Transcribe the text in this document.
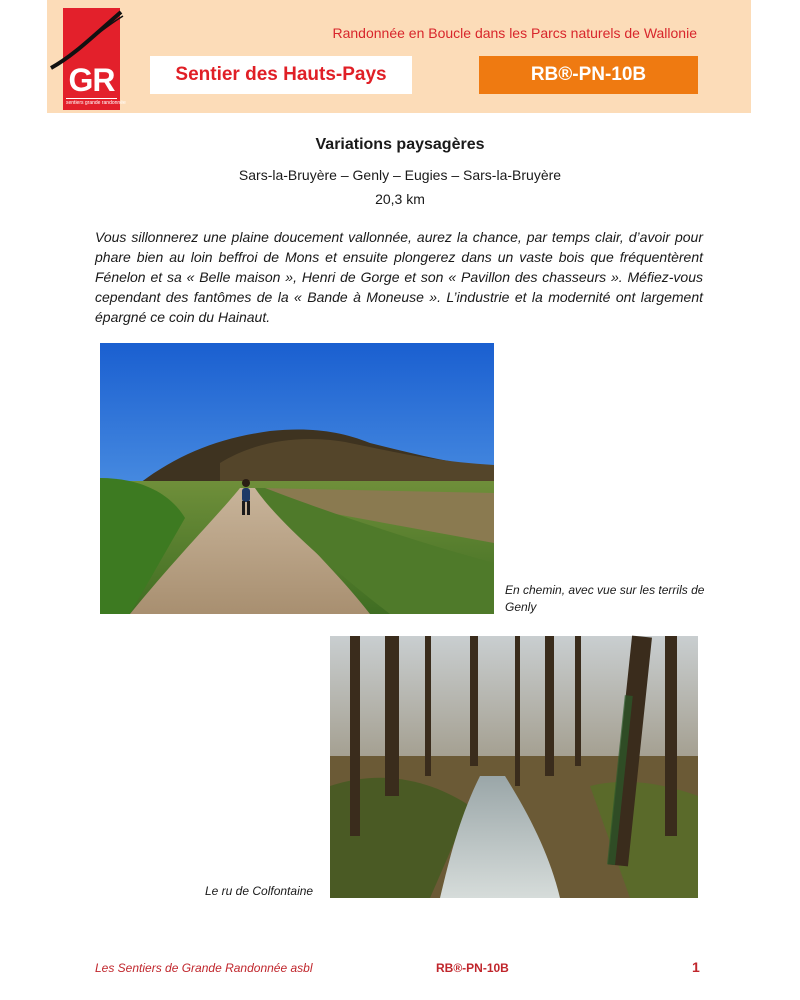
GR
sentiers grande randonnée
Randonnée en Boucle dans les Parcs naturels de Wallonie
Sentier des Hauts-Pays	RB®-PN-10B
Variations paysagères
Sars-la-Bruyère – Genly – Eugies – Sars-la-Bruyère
20,3 km

Vous sillonnerez une plaine doucement vallonnée, aurez la chance, par temps clair, d’avoir pour phare bien au loin beffroi de Mons et ensuite plongerez dans un vaste bois que fréquentèrent Fénelon et sa « Belle maison », Henri de Gorge et son « Pavillon des chasseurs ». Méfiez-vous cependant des fantômes de la « Bande à Moneuse ». L’industrie et la modernité ont largement épargné ce coin du Hainaut.

En chemin, avec vue sur les terrils de Genly
Le ru de Colfontaine
Les Sentiers de Grande Randonnée asbl	RB®-PN-10B	1
